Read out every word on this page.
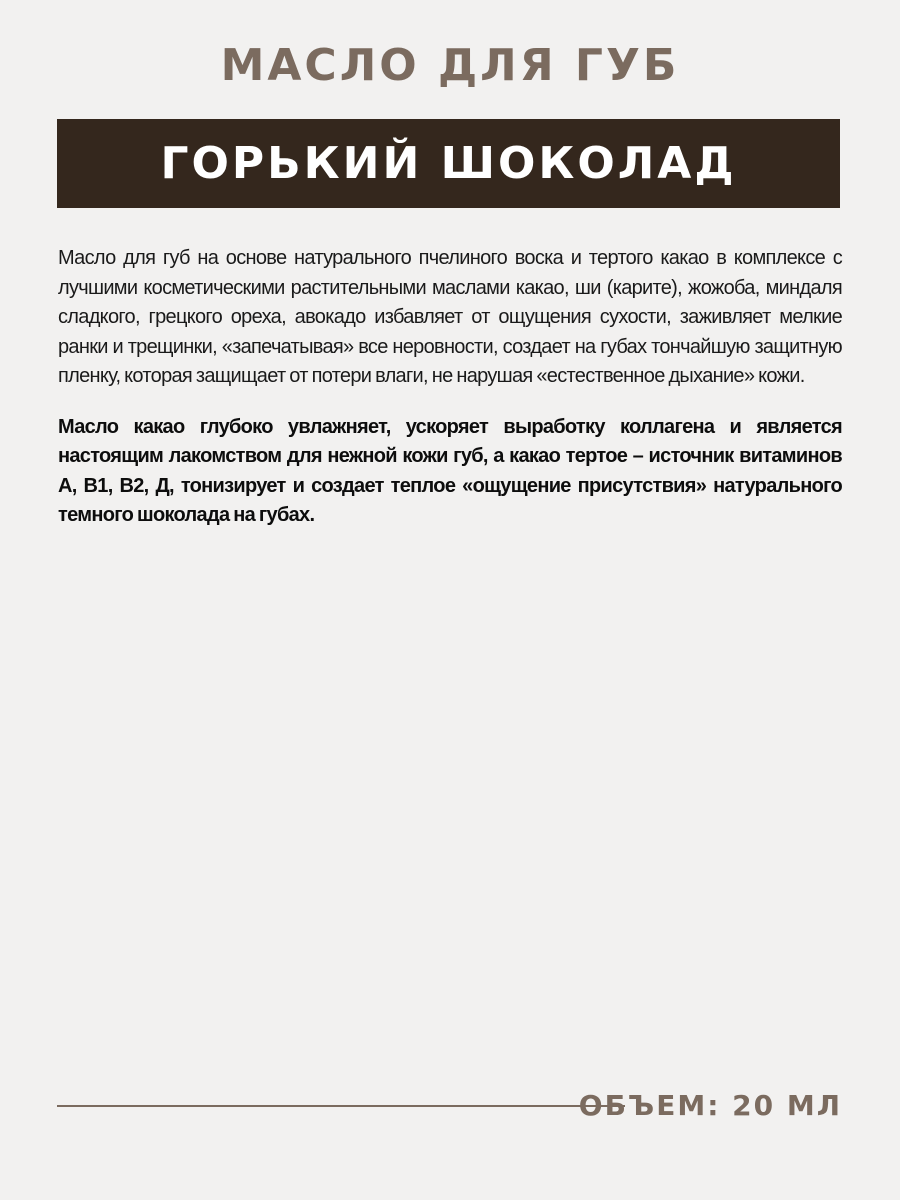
МАСЛО ДЛЯ ГУБ
ГОРЬКИЙ ШОКОЛАД

Масло для губ на основе натурального пчелиного воска и тертого какао в комплексе с лучшими косметическими растительными маслами какао, ши (карите), жожоба, миндаля сладкого, грецкого ореха, авокадо избавляет от ощущения сухости, заживляет мелкие ранки и трещинки, «запечатывая» все неровности, создает на губах тончайшую защитную пленку, которая защищает от потери влаги, не нарушая «естественное дыхание» кожи.

Масло какао глубоко увлажняет, ускоряет выработку коллагена и является настоящим лакомством для нежной кожи губ, а какао тертое – источник витаминов А, В1, В2, Д, тонизирует и создает теплое «ощущение присутствия» натурального темного шоколада на губах.

ОБЪЕМ: 20 МЛ
